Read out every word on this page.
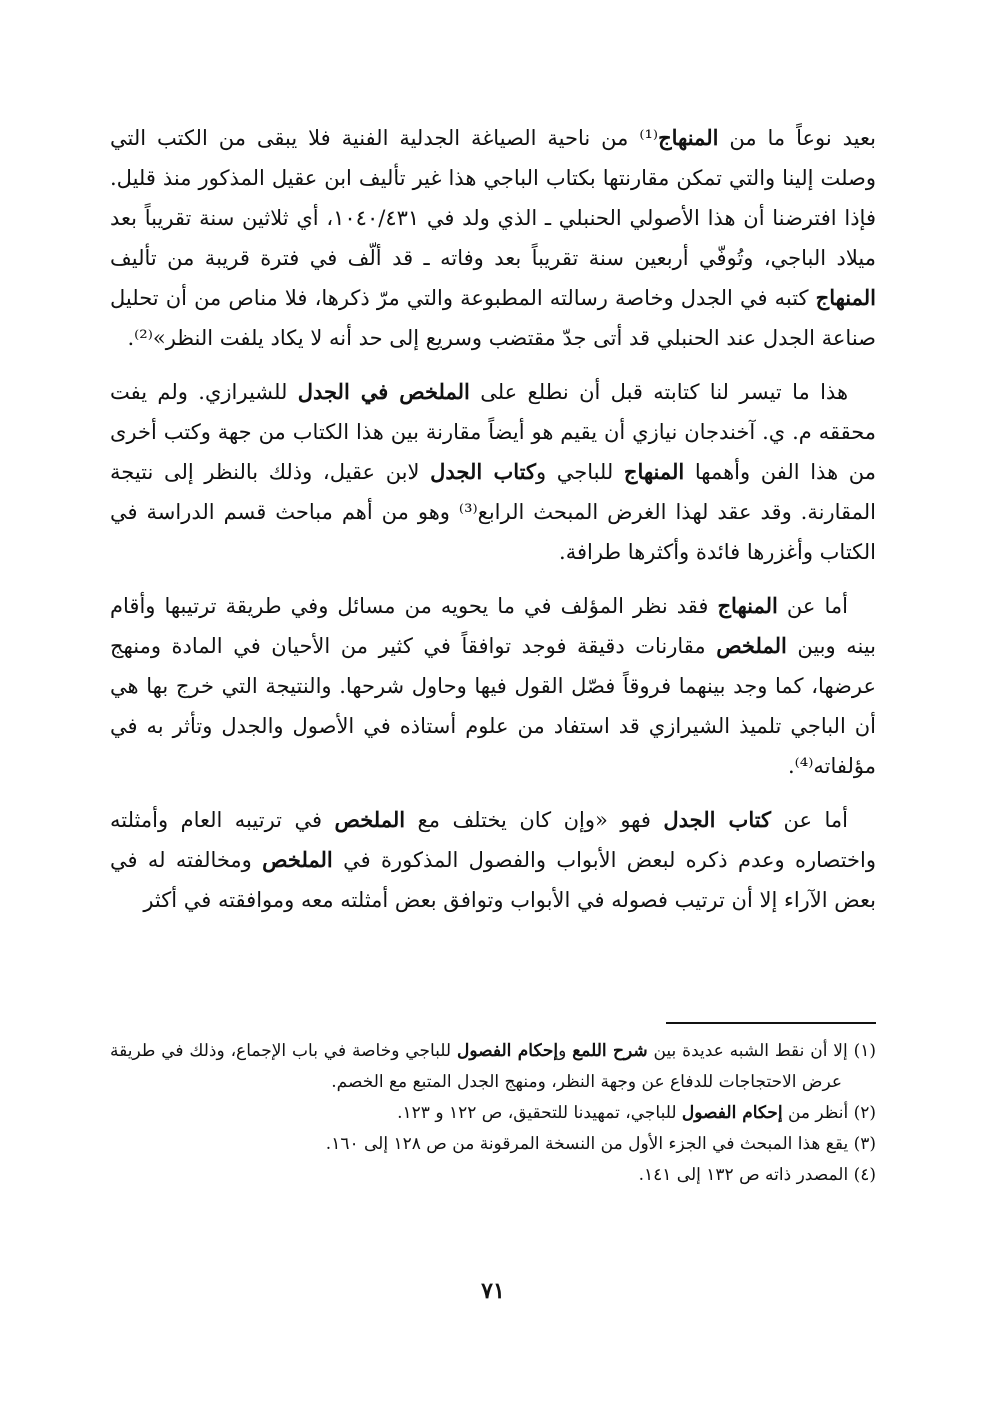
بعيد نوعاً ما من المنهاج⁽¹⁾ من ناحية الصياغة الجدلية الفنية فلا يبقى من الكتب التي وصلت إلينا والتي تمكن مقارنتها بكتاب الباجي هذا غير تأليف ابن عقيل المذكور منذ قليل. فإذا افترضنا أن هذا الأصولي الحنبلي ـ الذي ولد في ١٠٤٠/٤٣١، أي ثلاثين سنة تقريباً بعد ميلاد الباجي، وتُوفّي أربعين سنة تقريباً بعد وفاته ـ قد ألّف في فترة قريبة من تأليف المنهاج كتبه في الجدل وخاصة رسالته المطبوعة والتي مرّ ذكرها، فلا مناص من أن تحليل صناعة الجدل عند الحنبلي قد أتى جدّ مقتضب وسريع إلى حد أنه لا يكاد يلفت النظر»⁽²⁾.

هذا ما تيسر لنا كتابته قبل أن نطلع على الملخص في الجدل للشيرازي. ولم يفت محققه م. ي. آخندجان نيازي أن يقيم هو أيضاً مقارنة بين هذا الكتاب من جهة وكتب أخرى من هذا الفن وأهمها المنهاج للباجي وكتاب الجدل لابن عقيل، وذلك بالنظر إلى نتيجة المقارنة. وقد عقد لهذا الغرض المبحث الرابع⁽³⁾ وهو من أهم مباحث قسم الدراسة في الكتاب وأغزرها فائدة وأكثرها طرافة.

أما عن المنهاج فقد نظر المؤلف في ما يحويه من مسائل وفي طريقة ترتيبها وأقام بينه وبين الملخص مقارنات دقيقة فوجد توافقاً في كثير من الأحيان في المادة ومنهج عرضها، كما وجد بينهما فروقاً فصّل القول فيها وحاول شرحها. والنتيجة التي خرج بها هي أن الباجي تلميذ الشيرازي قد استفاد من علوم أستاذه في الأصول والجدل وتأثر به في مؤلفاته⁽⁴⁾.

أما عن كتاب الجدل فهو «وإن كان يختلف مع الملخص في ترتيبه العام وأمثلته واختصاره وعدم ذكره لبعض الأبواب والفصول المذكورة في الملخص ومخالفته له في بعض الآراء إلا أن ترتيب فصوله في الأبواب وتوافق بعض أمثلته معه وموافقته في أكثر

(١) إلا أن نقط الشبه عديدة بين شرح اللمع وإحكام الفصول للباجي وخاصة في باب الإجماع، وذلك في طريقة عرض الاحتجاجات للدفاع عن وجهة النظر، ومنهج الجدل المتبع مع الخصم.

(٢) أنظر من إحكام الفصول للباجي، تمهيدنا للتحقيق، ص ١٢٢ و ١٢٣.

(٣) يقع هذا المبحث في الجزء الأول من النسخة المرقونة من ص ١٢٨ إلى ١٦٠.

(٤) المصدر ذاته ص ١٣٢ إلى ١٤١.

٧١
